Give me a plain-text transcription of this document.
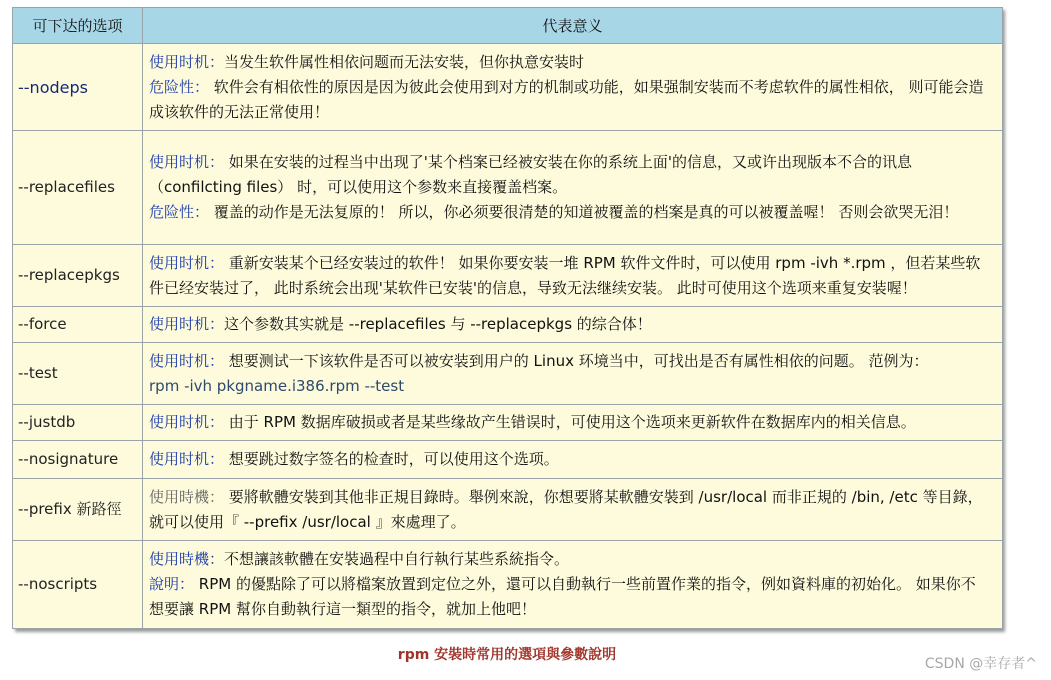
可下达的选项	代表意义
--nodeps	使用时机：当发生软件属性相依问题而无法安装，但你执意安装时
危险性： 软件会有相依性的原因是因为彼此会使用到对方的机制或功能，如果强制安装而不考虑软件的属性相依， 则可能会造成该软件的无法正常使用！

--replacefiles	使用时机： 如果在安装的过程当中出现了'某个档案已经被安装在你的系统上面'的信息，又或许出现版本不合的讯息 （confilcting files） 时，可以使用这个参数来直接覆盖档案。
危险性： 覆盖的动作是无法复原的！ 所以，你必须要很清楚的知道被覆盖的档案是真的可以被覆盖喔！ 否则会欲哭无泪！

--replacepkgs	使用时机： 重新安装某个已经安装过的软件！ 如果你要安装一堆 RPM 软件文件时，可以使用 rpm -ivh *.rpm ，但若某些软件已经安装过了， 此时系统会出现'某软件已安装'的信息，导致无法继续安装。 此时可使用这个选项来重复安装喔！

--force	使用时机：这个参数其实就是 --replacefiles 与 --replacepkgs 的综合体！

--test	使用时机： 想要测试一下该软件是否可以被安装到用户的 Linux 环境当中，可找出是否有属性相依的问题。 范例为：
rpm -ivh pkgname.i386.rpm --test

--justdb	使用时机： 由于 RPM 数据库破损或者是某些缘故产生错误时，可使用这个选项来更新软件在数据库内的相关信息。

--nosignature	使用时机： 想要跳过数字签名的检查时，可以使用这个选项。

--prefix 新路徑	使用時機： 要將軟體安裝到其他非正規目錄時。舉例來說，你想要將某軟體安裝到 /usr/local 而非正規的 /bin, /etc 等目錄， 就可以使用『 --prefix /usr/local 』來處理了。

--noscripts	使用時機：不想讓該軟體在安裝過程中自行執行某些系統指令。
說明： RPM 的優點除了可以將檔案放置到定位之外，還可以自動執行一些前置作業的指令，例如資料庫的初始化。 如果你不想要讓 RPM 幫你自動執行這一類型的指令，就加上他吧！
rpm 安裝時常用的選項與參數說明
CSDN @幸存者^
